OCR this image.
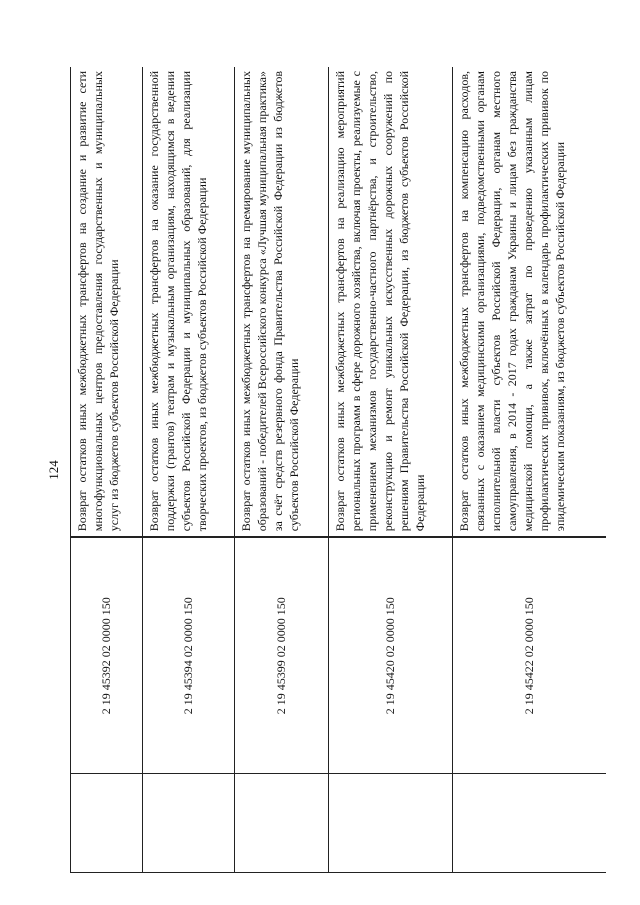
124
2 19 45392 02 0000 150
Возврат остатков иных межбюджетных трансфертов на создание и развитие сети многофункциональных центров предоставления государственных и муниципальных услуг из бюджетов субъектов Российской Федерации
2 19 45394 02 0000 150
Возврат остатков иных межбюджетных трансфертов на оказание государственной поддержки (грантов) театрам и музыкальным организациям, находящимся в ведении субъектов Российской Федерации и муниципальных образований, для реализации творческих проектов, из бюджетов субъектов Российской Федерации
2 19 45399 02 0000 150
Возврат остатков иных межбюджетных трансфертов на премирование муниципальных образований - победителей Всероссийского конкурса «Лучшая муниципальная практика» за счёт средств резервного фонда Правительства Российской Федерации из бюджетов субъектов Российской Федерации
2 19 45420 02 0000 150
Возврат остатков иных межбюджетных трансфертов на реализацию мероприятий региональных программ в сфере дорожного хозяйства, включая проекты, реализуемые с применением механизмов государственно-частного партнёрства, и строительство, реконструкцию и ремонт уникальных искусственных дорожных сооружений по решениям Правительства Российской Федерации, из бюджетов субъектов Российской Федерации
2 19 45422 02 0000 150
Возврат остатков иных межбюджетных трансфертов на компенсацию расходов, связанных с оказанием медицинскими организациями, подведомственными органам исполнительной власти субъектов Российской Федерации, органам местного самоуправления, в 2014 - 2017 годах гражданам Украины и лицам без гражданства медицинской помощи, а также затрат по проведению указанным лицам профилактических прививок, включённых в календарь профилактических прививок по эпидемическим показаниям, из бюджетов субъектов Российской Федерации
